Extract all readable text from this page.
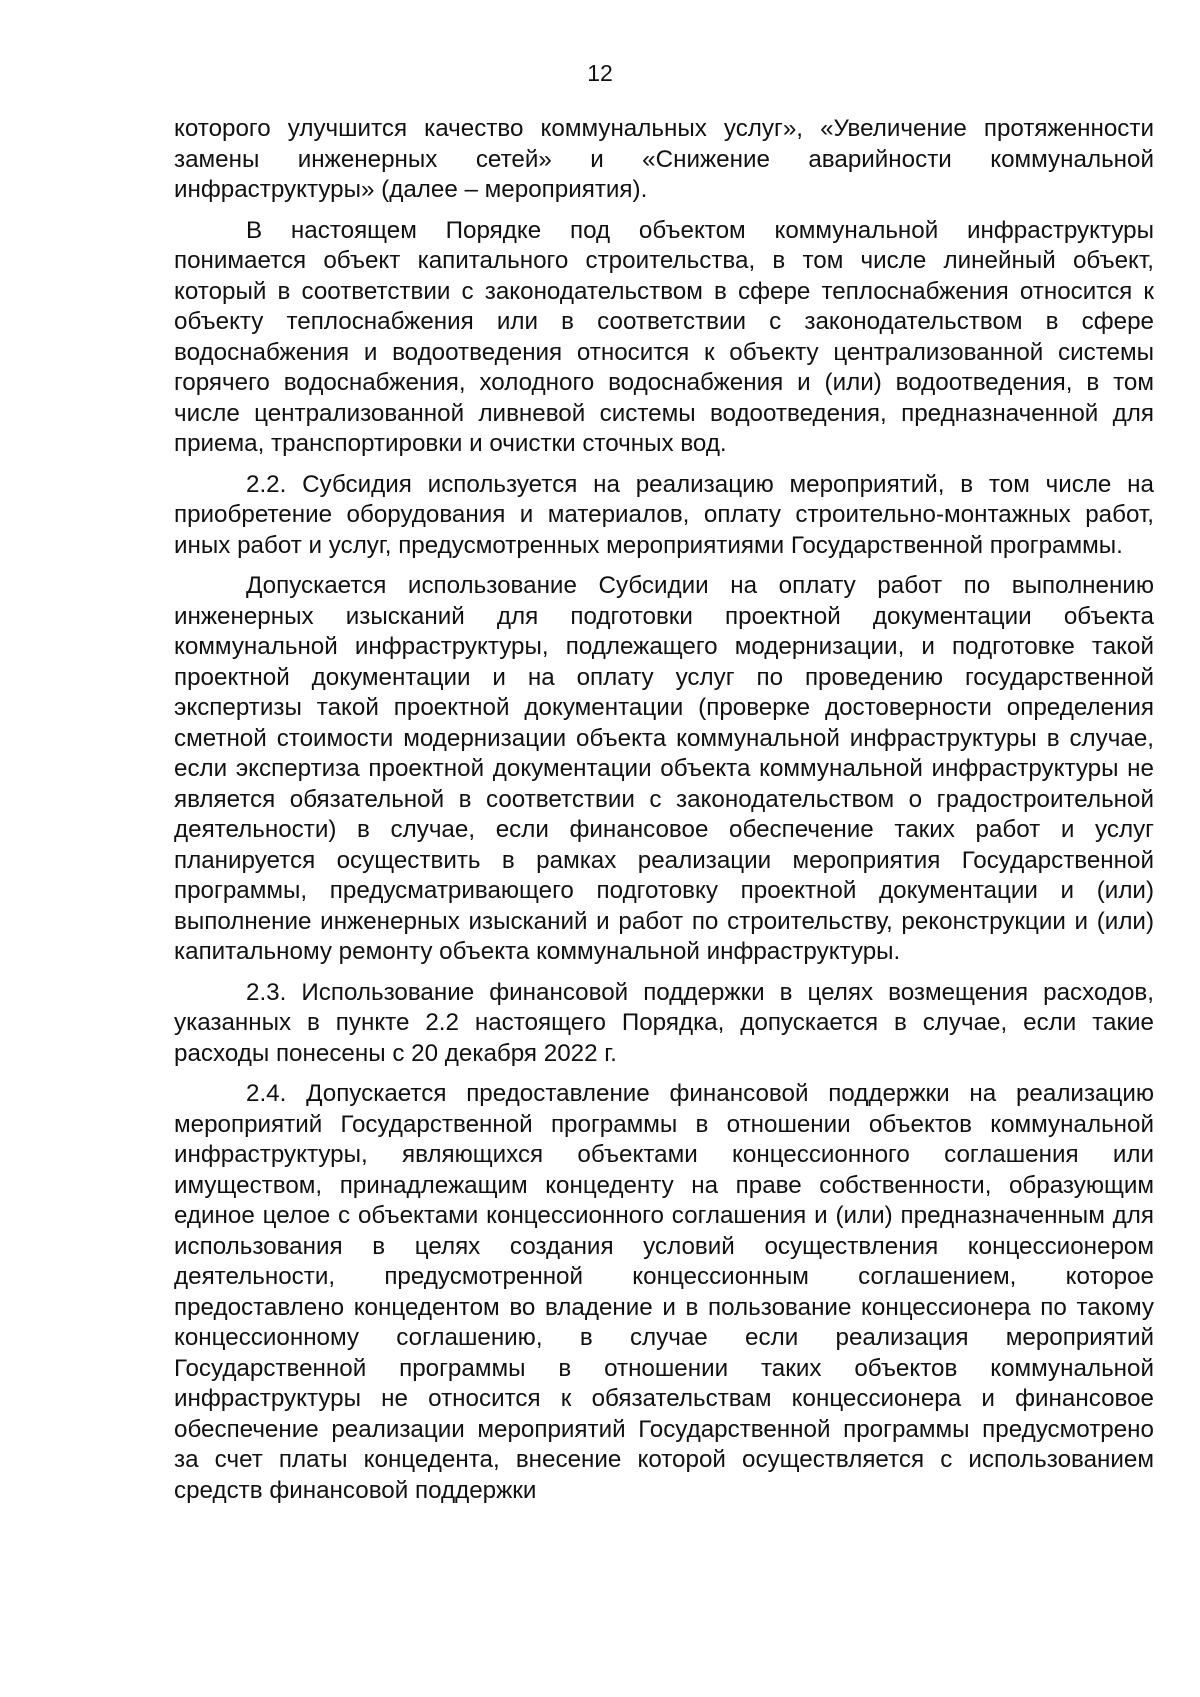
12

которого улучшится качество коммунальных услуг», «Увеличение протяженности замены инженерных сетей» и «Снижение аварийности коммунальной инфраструктуры» (далее – мероприятия).

В настоящем Порядке под объектом коммунальной инфраструктуры понимается объект капитального строительства, в том числе линейный объект, который в соответствии с законодательством в сфере теплоснабжения относится к объекту теплоснабжения или в соответствии с законодательством в сфере водоснабжения и водоотведения относится к объекту централизованной системы горячего водоснабжения, холодного водоснабжения и (или) водоотведения, в том числе централизованной ливневой системы водоотведения, предназначенной для приема, транспортировки и очистки сточных вод.

2.2. Субсидия используется на реализацию мероприятий, в том числе на приобретение оборудования и материалов, оплату строительно-монтажных работ, иных работ и услуг, предусмотренных мероприятиями Государственной программы.

Допускается использование Субсидии на оплату работ по выполнению инженерных изысканий для подготовки проектной документации объекта коммунальной инфраструктуры, подлежащего модернизации, и подготовке такой проектной документации и на оплату услуг по проведению государственной экспертизы такой проектной документации (проверке достоверности определения сметной стоимости модернизации объекта коммунальной инфраструктуры в случае, если экспертиза проектной документации объекта коммунальной инфраструктуры не является обязательной в соответствии с законодательством о градостроительной деятельности) в случае, если финансовое обеспечение таких работ и услуг планируется осуществить в рамках реализации мероприятия Государственной программы, предусматривающего подготовку проектной документации и (или) выполнение инженерных изысканий и работ по строительству, реконструкции и (или) капитальному ремонту объекта коммунальной инфраструктуры.

2.3. Использование финансовой поддержки в целях возмещения расходов, указанных в пункте 2.2 настоящего Порядка, допускается в случае, если такие расходы понесены с 20 декабря 2022 г.

2.4. Допускается предоставление финансовой поддержки на реализацию мероприятий Государственной программы в отношении объектов коммунальной инфраструктуры, являющихся объектами концессионного соглашения или имуществом, принадлежащим концеденту на праве собственности, образующим единое целое с объектами концессионного соглашения и (или) предназначенным для использования в целях создания условий осуществления концессионером деятельности, предусмотренной концессионным соглашением, которое предоставлено концедентом во владение и в пользование концессионера по такому концессионному соглашению, в случае если реализация мероприятий Государственной программы в отношении таких объектов коммунальной инфраструктуры не относится к обязательствам концессионера и финансовое обеспечение реализации мероприятий Государственной программы предусмотрено за счет платы концедента, внесение которой осуществляется с использованием средств финансовой поддержки
